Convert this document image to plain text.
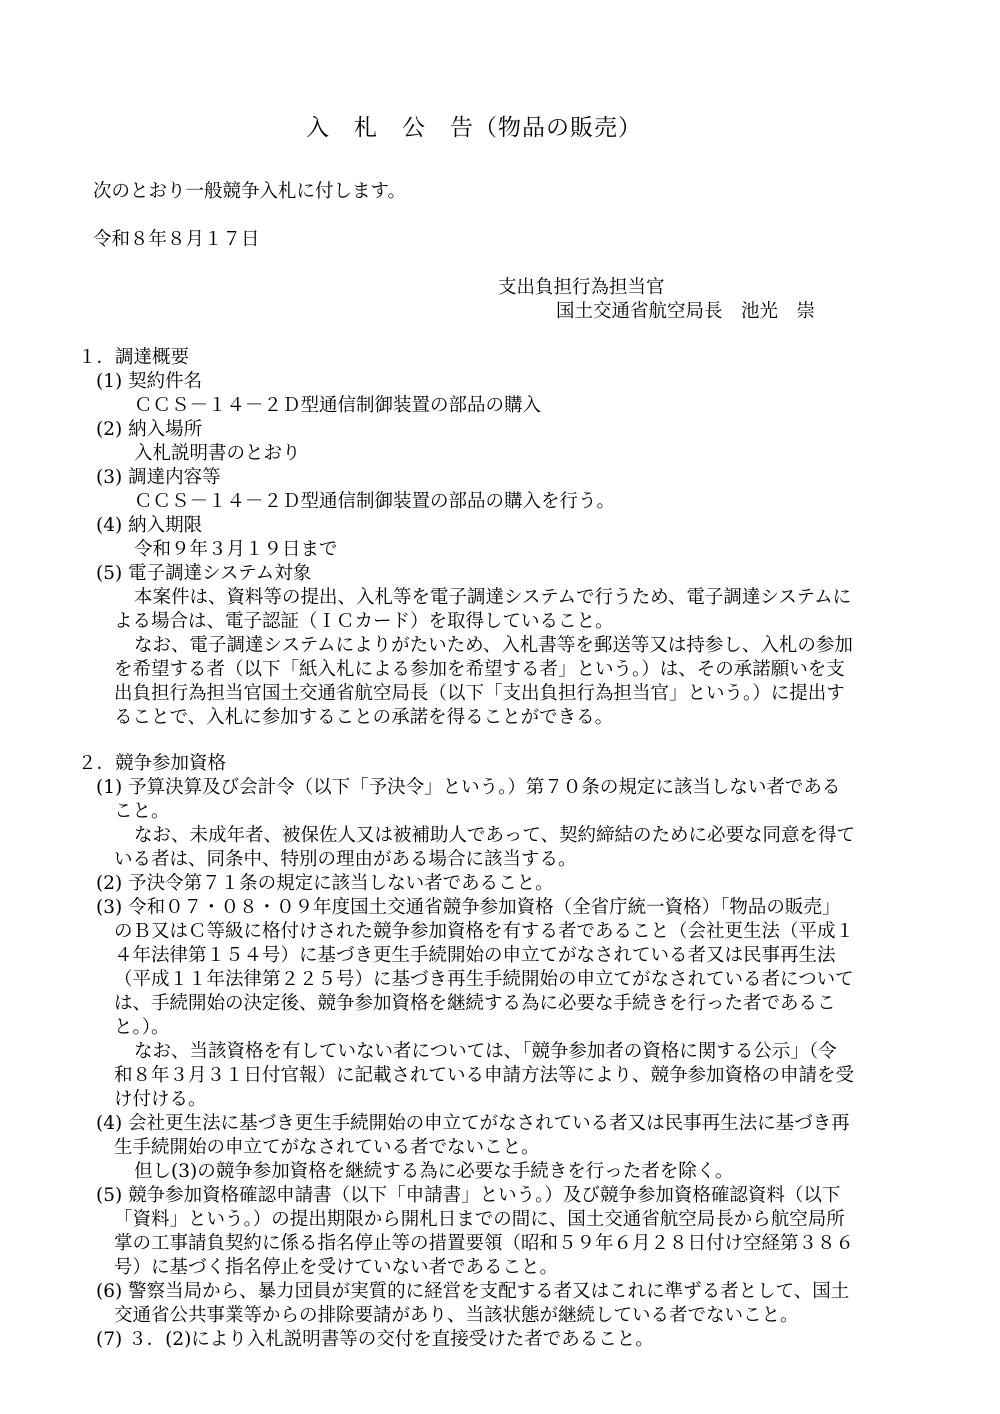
入　札　公　告（物品の販売）
次のとおり一般競争入札に付します。
令和８年８月１７日
支出負担行為担当官
国土交通省航空局長　池光　崇
１．調達概要
(1) 契約件名
ＣＣＳ－１４－２Ｄ型通信制御装置の部品の購入
(2) 納入場所
入札説明書のとおり
(3) 調達内容等
ＣＣＳ－１４－２Ｄ型通信制御装置の部品の購入を行う。
(4) 納入期限
令和９年３月１９日まで
(5) 電子調達システム対象
本案件は、資料等の提出、入札等を電子調達システムで行うため、電子調達システムに
よる場合は、電子認証（ＩＣカード）を取得していること。
なお、電子調達システムによりがたいため、入札書等を郵送等又は持参し、入札の参加
を希望する者（以下「紙入札による参加を希望する者」という。）は、その承諾願いを支
出負担行為担当官国土交通省航空局長（以下「支出負担行為担当官」という。）に提出す
ることで、入札に参加することの承諾を得ることができる。
２．競争参加資格
(1) 予算決算及び会計令（以下「予決令」という。）第７０条の規定に該当しない者である
こと。
なお、未成年者、被保佐人又は被補助人であって、契約締結のために必要な同意を得て
いる者は、同条中、特別の理由がある場合に該当する。
(2) 予決令第７１条の規定に該当しない者であること。
(3) 令和０７・０８・０９年度国土交通省競争参加資格（全省庁統一資格）「物品の販売」
のＢ又はＣ等級に格付けされた競争参加資格を有する者であること（会社更生法（平成１
４年法律第１５４号）に基づき更生手続開始の申立てがなされている者又は民事再生法
（平成１１年法律第２２５号）に基づき再生手続開始の申立てがなされている者について
は、手続開始の決定後、競争参加資格を継続する為に必要な手続きを行った者であるこ
と。）。
なお、当該資格を有していない者については、「競争参加者の資格に関する公示」（令
和８年３月３１日付官報）に記載されている申請方法等により、競争参加資格の申請を受
け付ける。
(4) 会社更生法に基づき更生手続開始の申立てがなされている者又は民事再生法に基づき再
生手続開始の申立てがなされている者でないこと。
但し(3)の競争参加資格を継続する為に必要な手続きを行った者を除く。
(5) 競争参加資格確認申請書（以下「申請書」という。）及び競争参加資格確認資料（以下
「資料」という。）の提出期限から開札日までの間に、国土交通省航空局長から航空局所
掌の工事請負契約に係る指名停止等の措置要領（昭和５９年６月２８日付け空経第３８６
号）に基づく指名停止を受けていない者であること。
(6) 警察当局から、暴力団員が実質的に経営を支配する者又はこれに準ずる者として、国土
交通省公共事業等からの排除要請があり、当該状態が継続している者でないこと。
(7) ３．(2)により入札説明書等の交付を直接受けた者であること。
